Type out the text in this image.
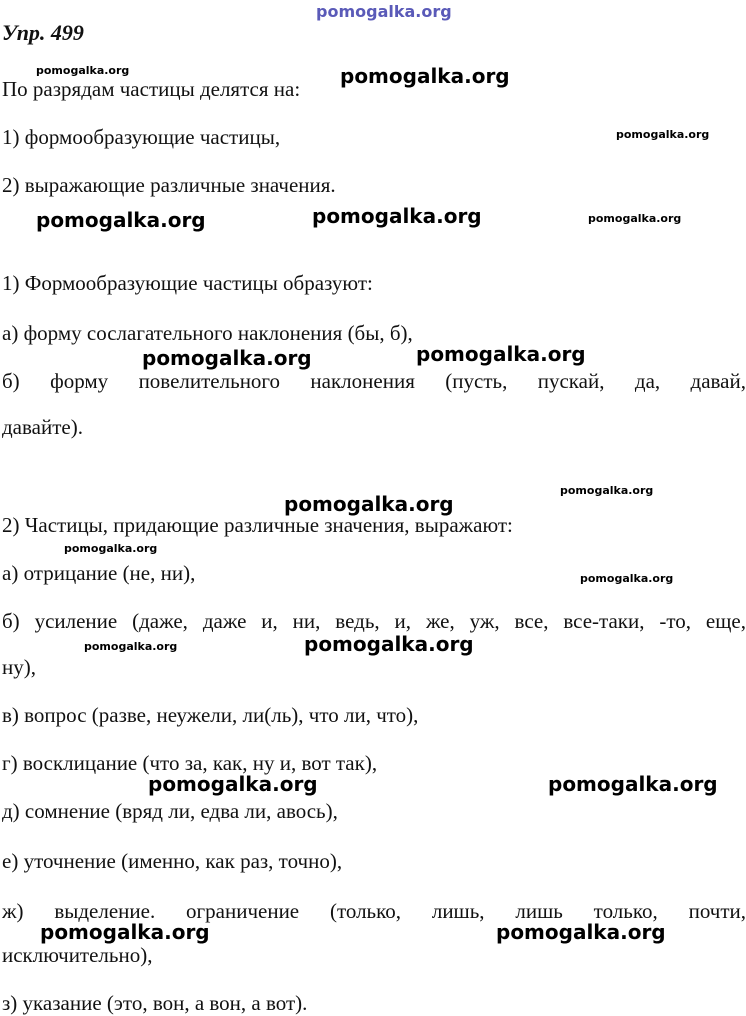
pomogalka.org
Упр. 499
По разрядам частицы делятся на:
1) формообразующие частицы,
2) выражающие различные значения.
1) Формообразующие частицы образуют:
а) форму сослагательного наклонения (бы, б),
б) форму повелительного наклонения (пусть, пускай, да, давай,
давайте).
2) Частицы, придающие различные значения, выражают:
а) отрицание (не, ни),
б) усиление (даже, даже и, ни, ведь, и, же, уж, все, все-таки, -то, еще,
ну),
в) вопрос (разве, неужели, ли(ль), что ли, что),
г) восклицание (что за, как, ну и, вот так),
д) сомнение (вряд ли, едва ли, авось),
е) уточнение (именно, как раз, точно),
ж) выделение. ограничение (только, лишь, лишь только, почти,
исключительно),
з) указание (это, вон, а вон, а вот).
pomogalka.org
pomogalka.org	pomogalka.org
pomogalka.org	pomogalka.org
pomogalka.org
pomogalka.org
pomogalka.org	pomogalka.org
pomogalka.org	pomogalka.org
pomogalka.org
pomogalka.org
pomogalka.org
pomogalka.org
pomogalka.org
pomogalka.org
pomogalka.org
